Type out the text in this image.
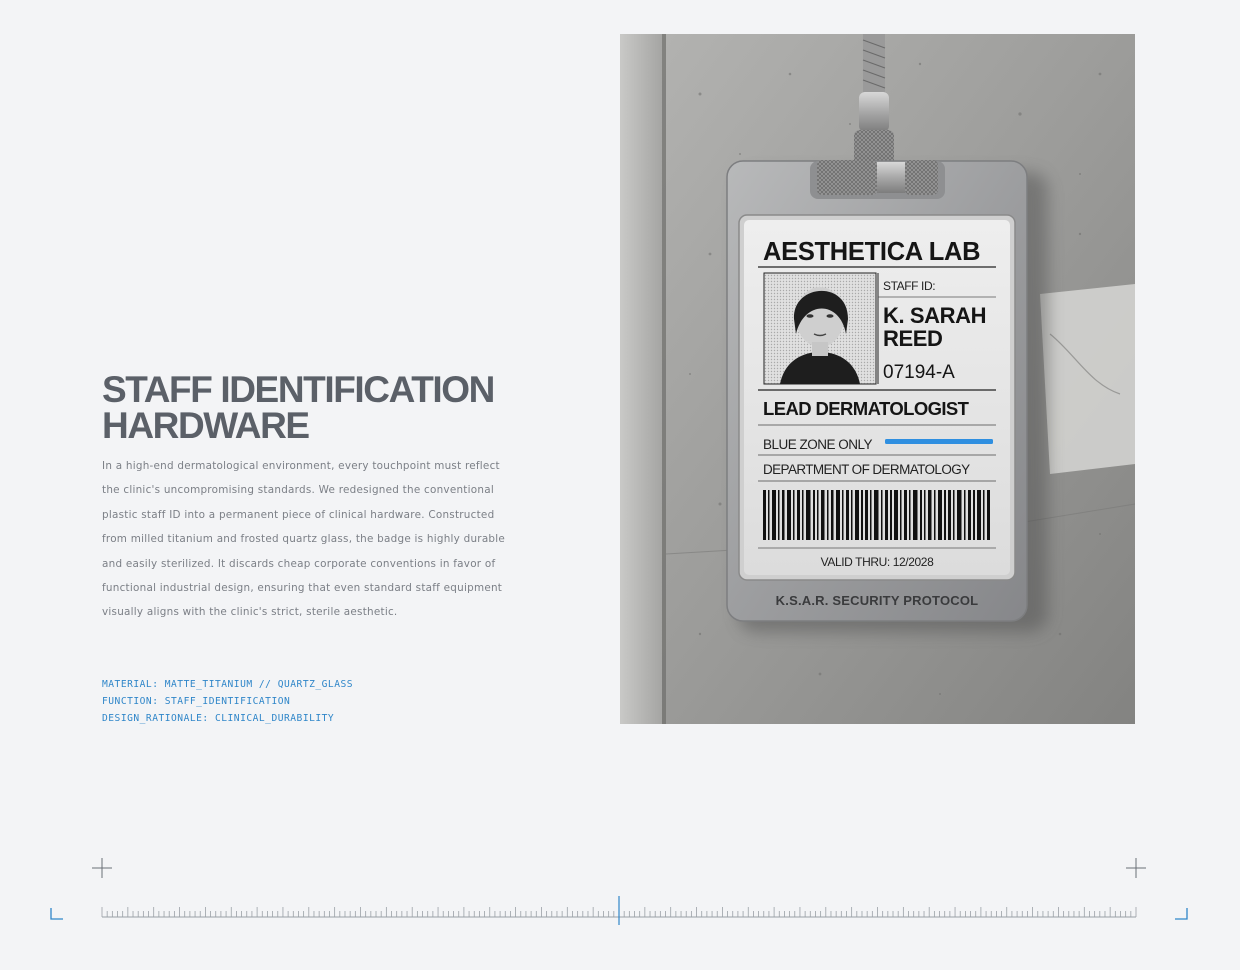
STAFF IDENTIFICATION
HARDWARE
In a high-end dermatological environment, every touchpoint must reflect the clinic's uncompromising standards. We redesigned the conventional plastic staff ID into a permanent piece of clinical hardware. Constructed from milled titanium and frosted quartz glass, the badge is highly durable and easily sterilized. It discards cheap corporate conventions in favor of functional industrial design, ensuring that even standard staff equipment visually aligns with the clinic's strict, sterile aesthetic.
MATERIAL: MATTE_TITANIUM // QUARTZ_GLASS
FUNCTION: STAFF_IDENTIFICATION
DESIGN_RATIONALE: CLINICAL_DURABILITY
AESTHETICA LAB
STAFF ID:
K. SARAH
REED
07194-A
LEAD DERMATOLOGIST
BLUE ZONE ONLY
DEPARTMENT OF DERMATOLOGY
VALID THRU: 12/2028
K.S.A.R. SECURITY PROTOCOL
